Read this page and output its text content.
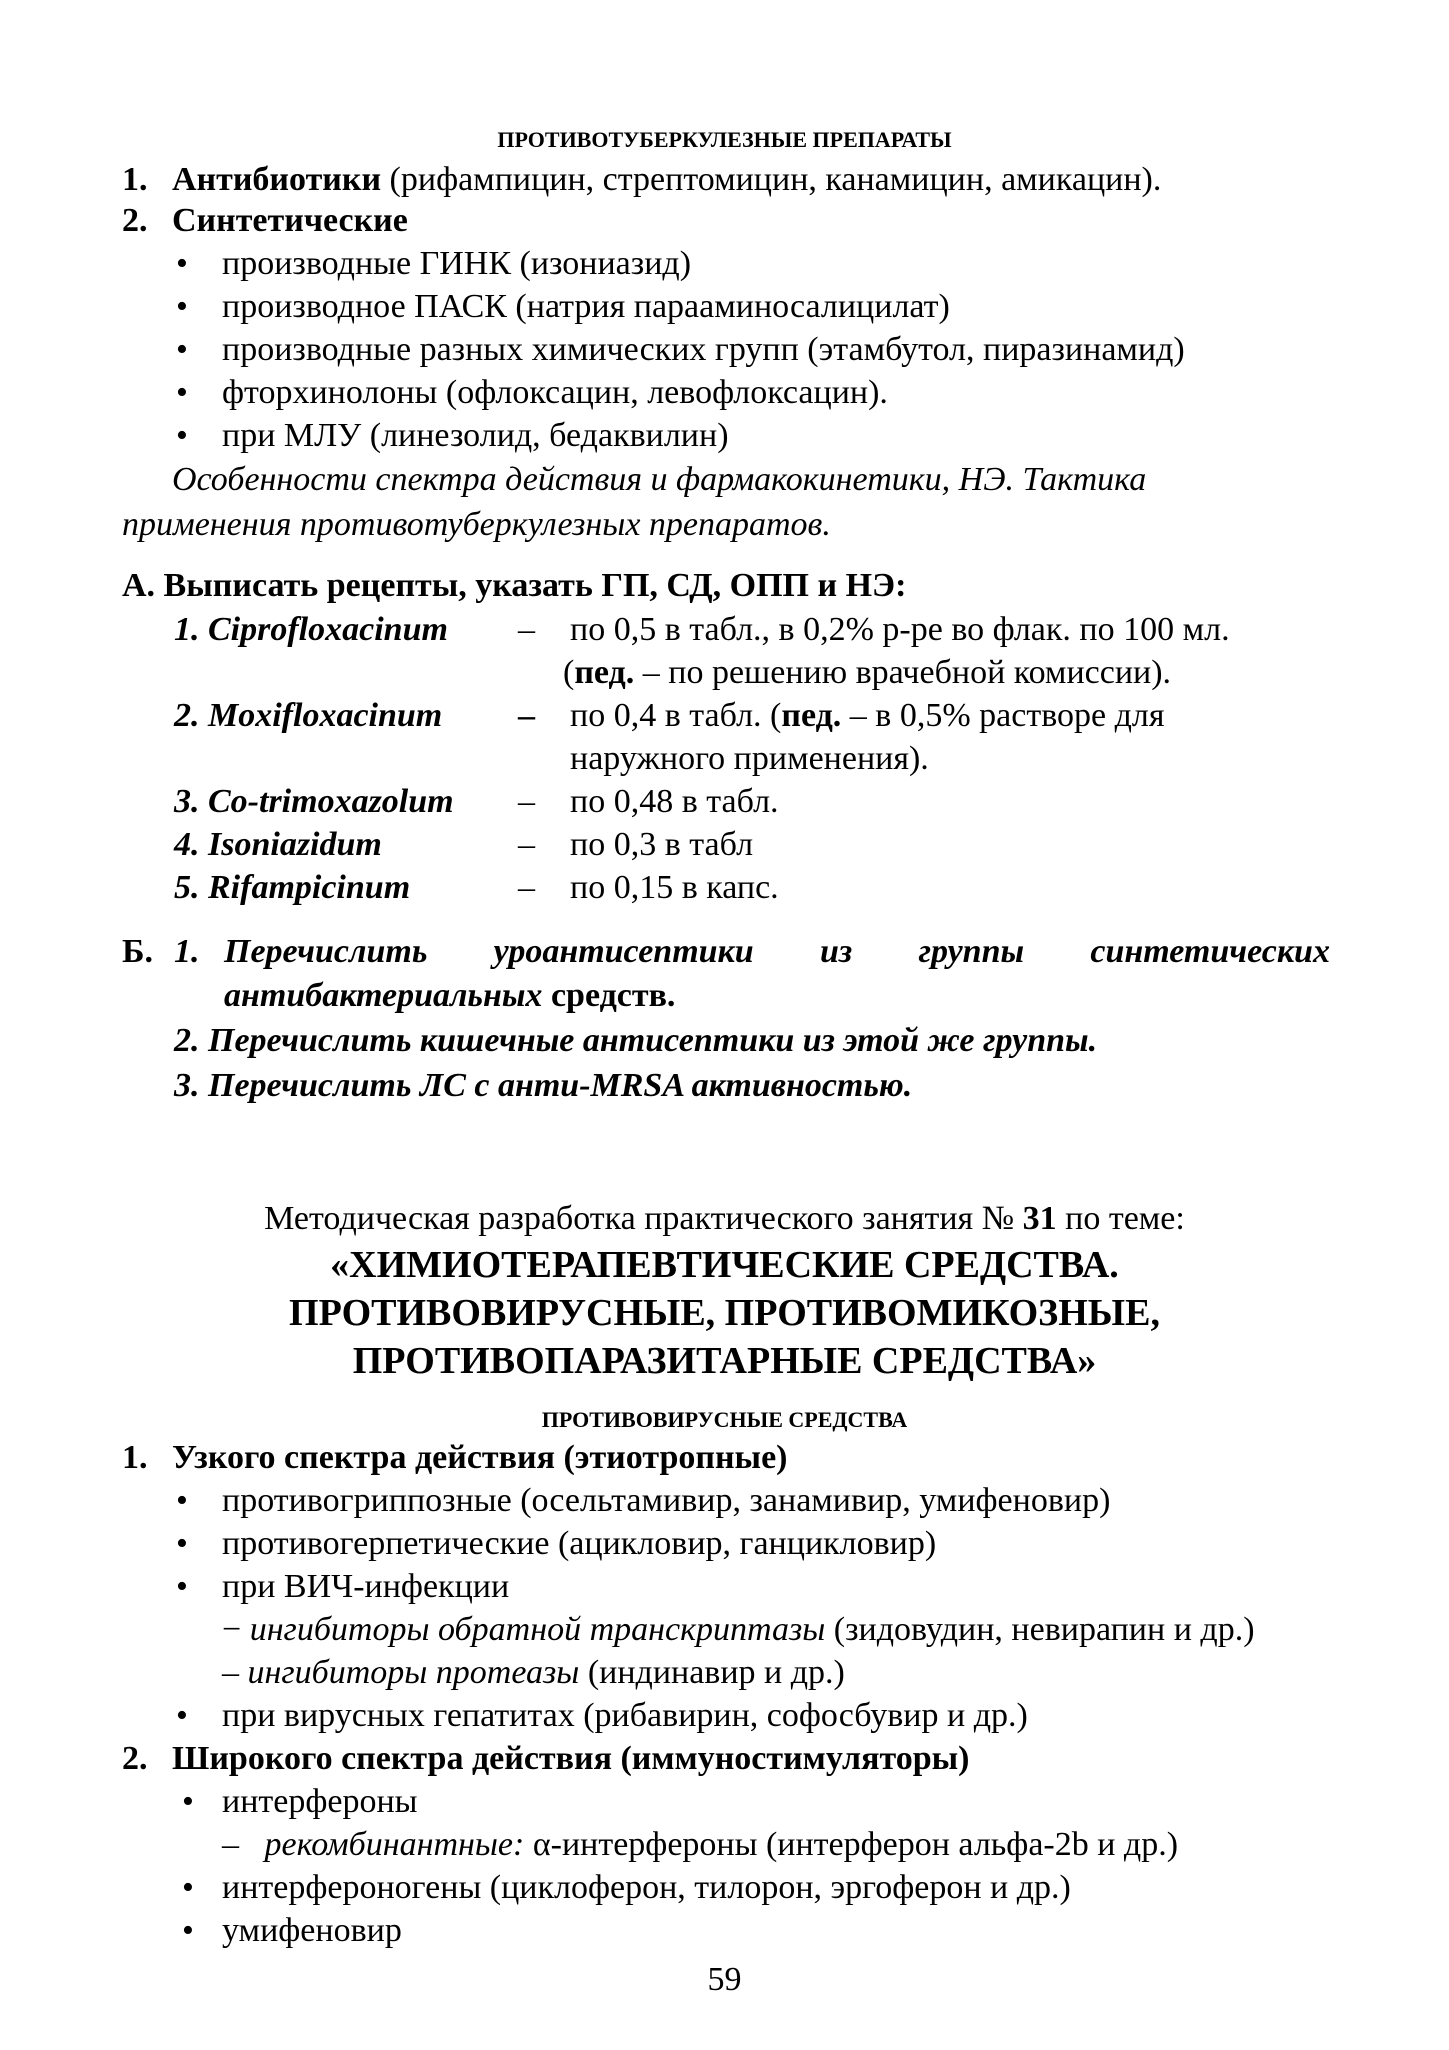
ПРОТИВОТУБЕРКУЛЕЗНЫЕ ПРЕПАРАТЫ
1. Антибиотики (рифампицин, стрептомицин, канамицин, амикацин).
2. Синтетические
• производные ГИНК (изониазид)
• производное ПАСК (натрия парааминосалицилат)
• производные разных химических групп (этамбутол, пиразинамид)
• фторхинолоны (офлоксацин, левофлоксацин).
• при МЛУ (линезолид, бедаквилин)
Особенности спектра действия и фармакокинетики, НЭ. Тактика
применения противотуберкулезных препаратов.
А. Выписать рецепты, указать ГП, СД, ОПП и НЭ:
1. Ciprofloxacinum – по 0,5 в табл., в 0,2% р-ре во флак. по 100 мл.
(пед. – по решению врачебной комиссии).
2. Moxifloxacinum – по 0,4 в табл. (пед. – в 0,5% растворе для
наружного применения).
3. Co-trimoxazolum – по 0,48 в табл.
4. Isoniazidum	– по 0,3 в табл
5. Rifampicinum	– по 0,15 в капс.
Б. 1. Перечислить уроантисептики из группы синтетических
антибактериальных средств.
2. Перечислить кишечные антисептики из этой же группы.
3. Перечислить ЛС с анти-MRSA активностью.
Методическая разработка практического занятия № 31 по теме:
«ХИМИОТЕРАПЕВТИЧЕСКИЕ СРЕДСТВА.
ПРОТИВОВИРУСНЫЕ, ПРОТИВОМИКОЗНЫЕ,
ПРОТИВОПАРАЗИТАРНЫЕ СРЕДСТВА»
ПРОТИВОВИРУСНЫЕ СРЕДСТВА
1. Узкого спектра действия (этиотропные)
• противогриппозные (осельтамивир, занамивир, умифеновир)
• противогерпетические (ацикловир, ганцикловир)
• при ВИЧ-инфекции
− ингибиторы обратной транскриптазы (зидовудин, невирапин и др.)
– ингибиторы протеазы (индинавир и др.)
• при вирусных гепатитах (рибавирин, софосбувир и др.)
2. Широкого спектра действия (иммуностимуляторы)
• интерфероны
– рекомбинантные: α-интерфероны (интерферон альфа-2b и др.)
• интерфероногены (циклоферон, тилорон, эргоферон и др.)
• умифеновир
59
